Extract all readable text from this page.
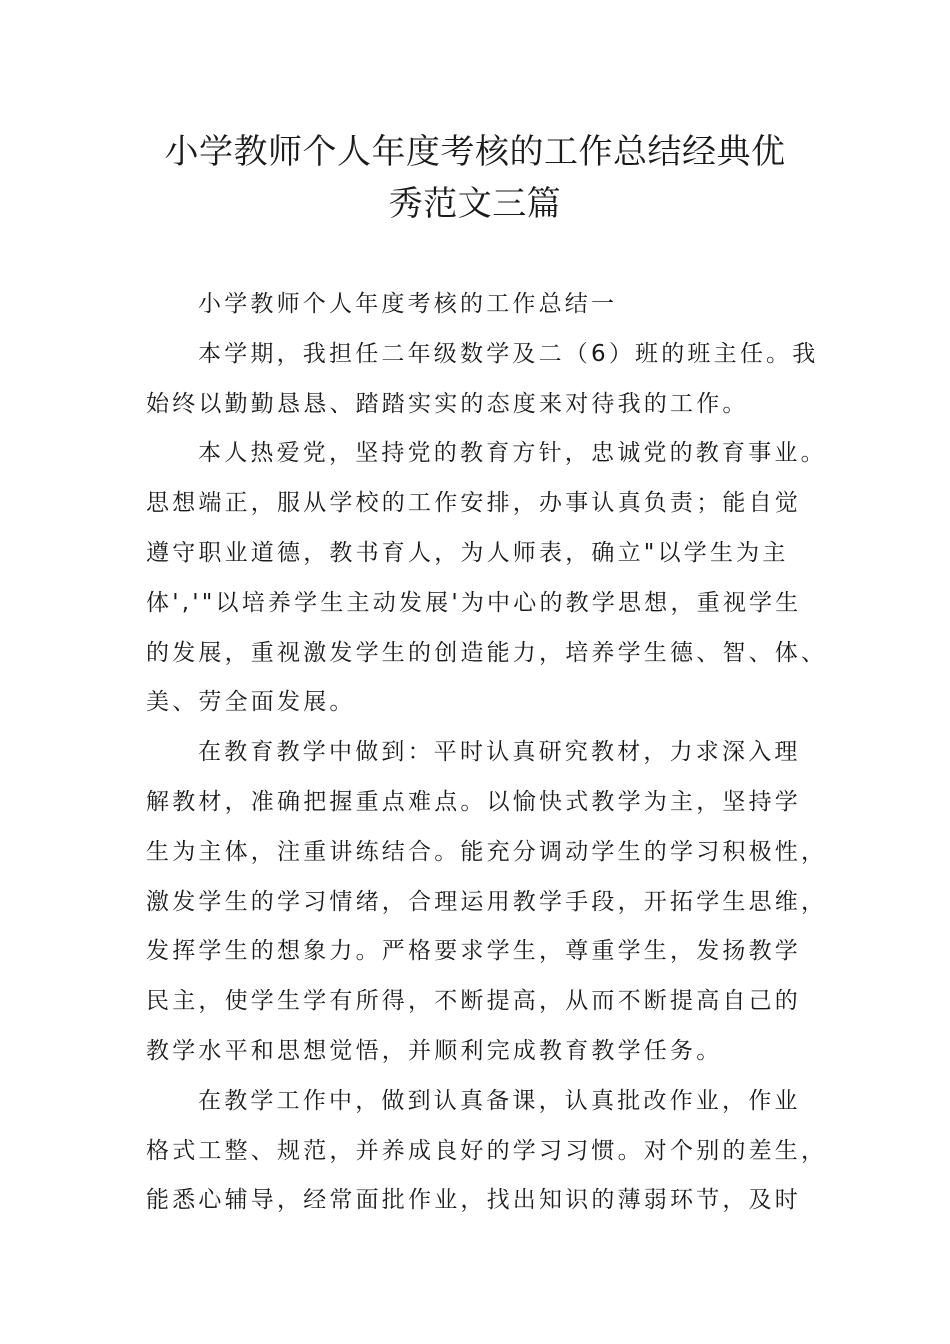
小学教师个人年度考核的工作总结经典优
秀范文三篇
小学教师个人年度考核的工作总结一
本学期，我担任二年级数学及二（6）班的班主任。我
始终以勤勤恳恳、踏踏实实的态度来对待我的工作。
本人热爱党，坚持党的教育方针，忠诚党的教育事业。
思想端正，服从学校的工作安排，办事认真负责；能自觉
遵守职业道德，教书育人，为人师表，确立"以学生为主
体','"以培养学生主动发展'为中心的教学思想，重视学生
的发展，重视激发学生的创造能力，培养学生德、智、体、
美、劳全面发展。
在教育教学中做到：平时认真研究教材，力求深入理
解教材，准确把握重点难点。以愉快式教学为主，坚持学
生为主体，注重讲练结合。能充分调动学生的学习积极性，
激发学生的学习情绪，合理运用教学手段，开拓学生思维，
发挥学生的想象力。严格要求学生，尊重学生，发扬教学
民主，使学生学有所得，不断提高，从而不断提高自己的
教学水平和思想觉悟，并顺利完成教育教学任务。
在教学工作中，做到认真备课，认真批改作业，作业
格式工整、规范，并养成良好的学习习惯。对个别的差生，
能悉心辅导，经常面批作业，找出知识的薄弱环节，及时
